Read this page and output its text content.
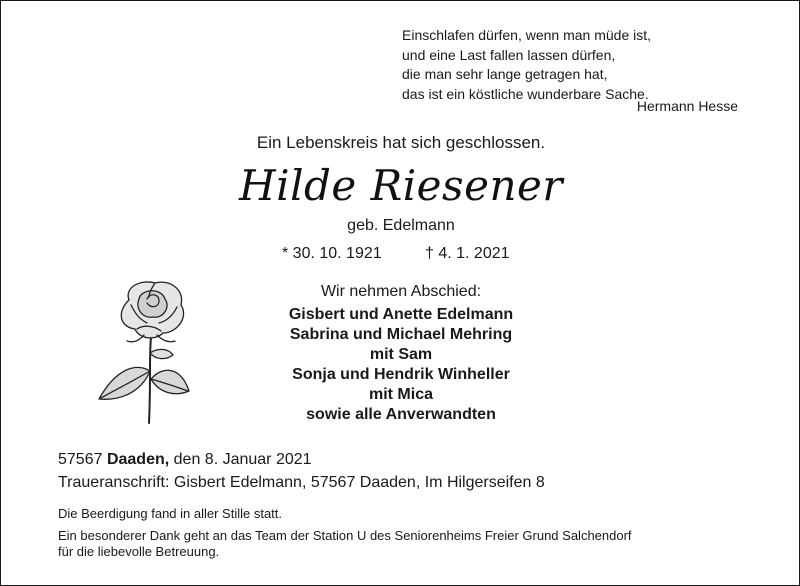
Einschlafen dürfen, wenn man müde ist,
und eine Last fallen lassen dürfen,
die man sehr lange getragen hat,
das ist ein köstliche wunderbare Sache.
Hermann Hesse
Ein Lebenskreis hat sich geschlossen.
Hilde Riesener
geb. Edelmann
* 30. 10. 1921	† 4. 1. 2021
Wir nehmen Abschied:
Gisbert und Anette Edelmann
Sabrina und Michael Mehring
mit Sam
Sonja und Hendrik Winheller
mit Mica
sowie alle Anverwandten
57567 Daaden, den 8. Januar 2021
Traueranschrift: Gisbert Edelmann, 57567 Daaden, Im Hilgerseifen 8
Die Beerdigung fand in aller Stille statt.
Ein besonderer Dank geht an das Team der Station U des Seniorenheims Freier Grund Salchendorf
für die liebevolle Betreuung.
